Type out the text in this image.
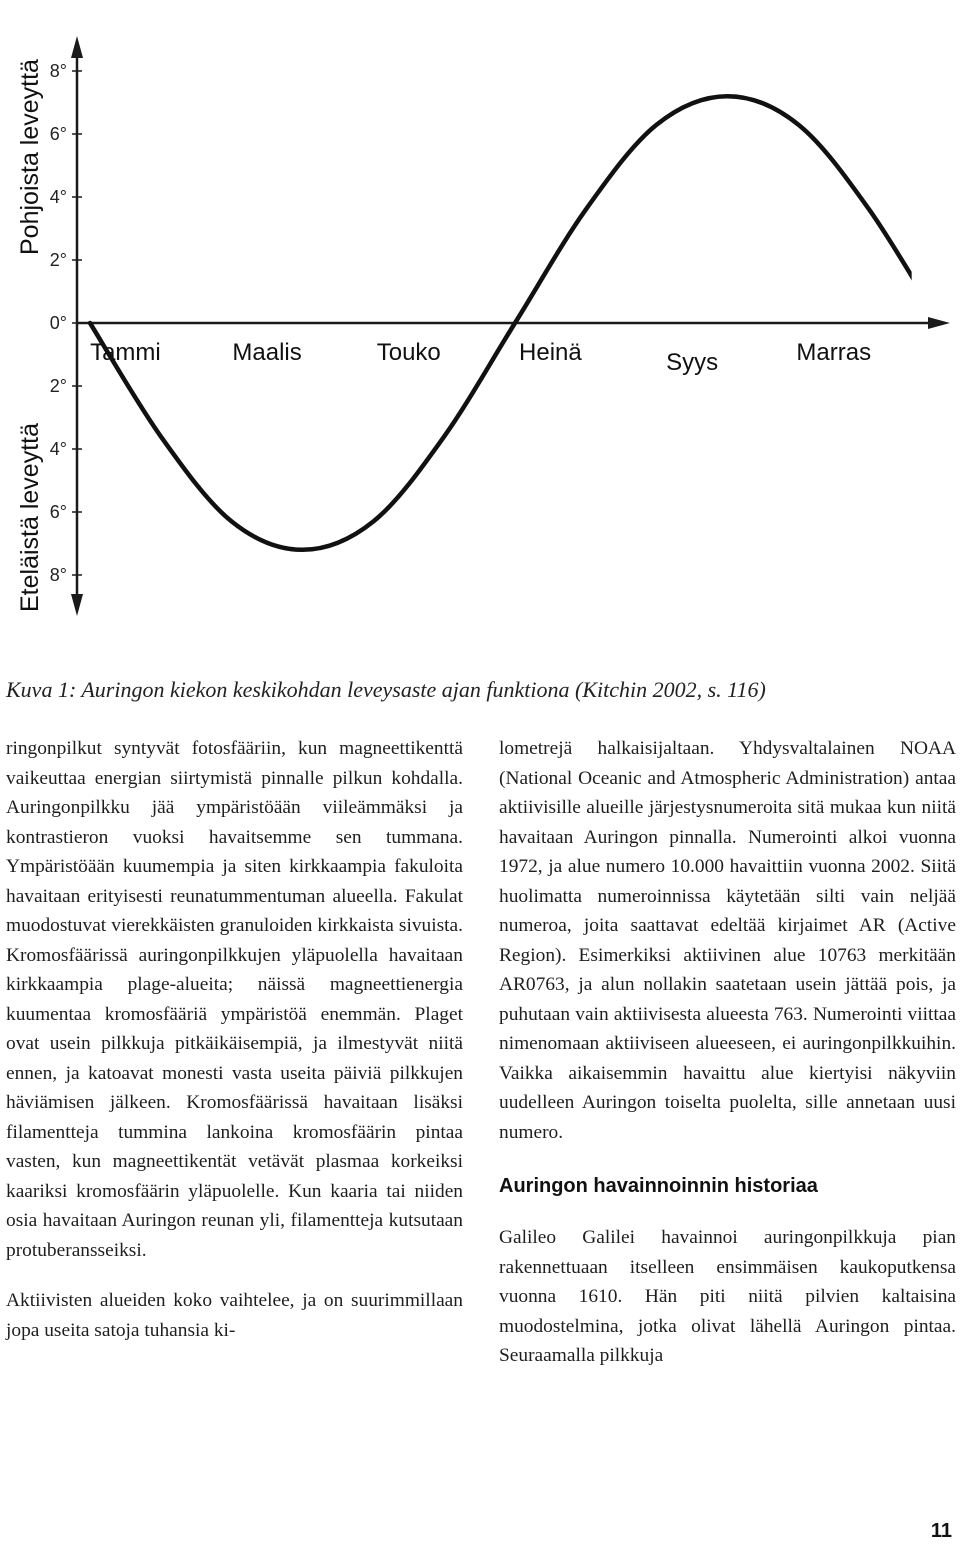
Pohjoista leveyttä
Eteläistä leveyttä
8°
6°
4°
2°
0°
2°
4°
6°
8°
Tammi	Maalis	Touko	Heinä	Syys	Marras
Kuva 1: Auringon kiekon keskikohdan leveysaste ajan funktiona (Kitchin 2002, s. 116)

ringonpilkut syntyvät fotosfääriin, kun magneettikenttä vaikeuttaa energian siirtymistä pinnalle pilkun kohdalla. Auringonpilkku jää ympäristöään viileämmäksi ja kontrastieron vuoksi havaitsemme sen tummana. Ympäristöään kuumempia ja siten kirkkaampia fakuloita havaitaan erityisesti reunatummentuman alueella. Fakulat muodostuvat vierekkäisten granuloiden kirkkaista sivuista. Kromosfäärissä auringonpilkkujen yläpuolella havaitaan kirkkaampia plage-alueita; näissä magneettienergia kuumentaa kromosfääriä ympäristöä enemmän. Plaget ovat usein pilkkuja pitkäikäisempiä, ja ilmestyvät niitä ennen, ja katoavat monesti vasta useita päiviä pilkkujen häviämisen jälkeen. Kromosfäärissä havaitaan lisäksi filamentteja tummina lankoina kromosfäärin pintaa vasten, kun magneettikentät vetävät plasmaa korkeiksi kaariksi kromosfäärin yläpuolelle. Kun kaaria tai niiden osia havaitaan Auringon reunan yli, filamentteja kutsutaan protuberansseiksi.

Aktiivisten alueiden koko vaihtelee, ja on suurimmillaan jopa useita satoja tuhansia ki-

lometrejä halkaisijaltaan. Yhdysvaltalainen NOAA (National Oceanic and Atmospheric Administration) antaa aktiivisille alueille järjestysnumeroita sitä mukaa kun niitä havaitaan Auringon pinnalla. Numerointi alkoi vuonna 1972, ja alue numero 10.000 havaittiin vuonna 2002. Siitä huolimatta numeroinnissa käytetään silti vain neljää numeroa, joita saattavat edeltää kirjaimet AR (Active Region). Esimerkiksi aktiivinen alue 10763 merkitään AR0763, ja alun nollakin saatetaan usein jättää pois, ja puhutaan vain aktiivisesta alueesta 763. Numerointi viittaa nimenomaan aktiiviseen alueeseen, ei auringonpilkkuihin. Vaikka aikaisemmin havaittu alue kiertyisi näkyviin uudelleen Auringon toiselta puolelta, sille annetaan uusi numero.

Auringon havainnoinnin historiaa

Galileo Galilei havainnoi auringonpilkkuja pian rakennettuaan itselleen ensimmäisen kaukoputkensa vuonna 1610. Hän piti niitä pilvien kaltaisina muodostelmina, jotka olivat lähellä Auringon pintaa. Seuraamalla pilkkuja

11
